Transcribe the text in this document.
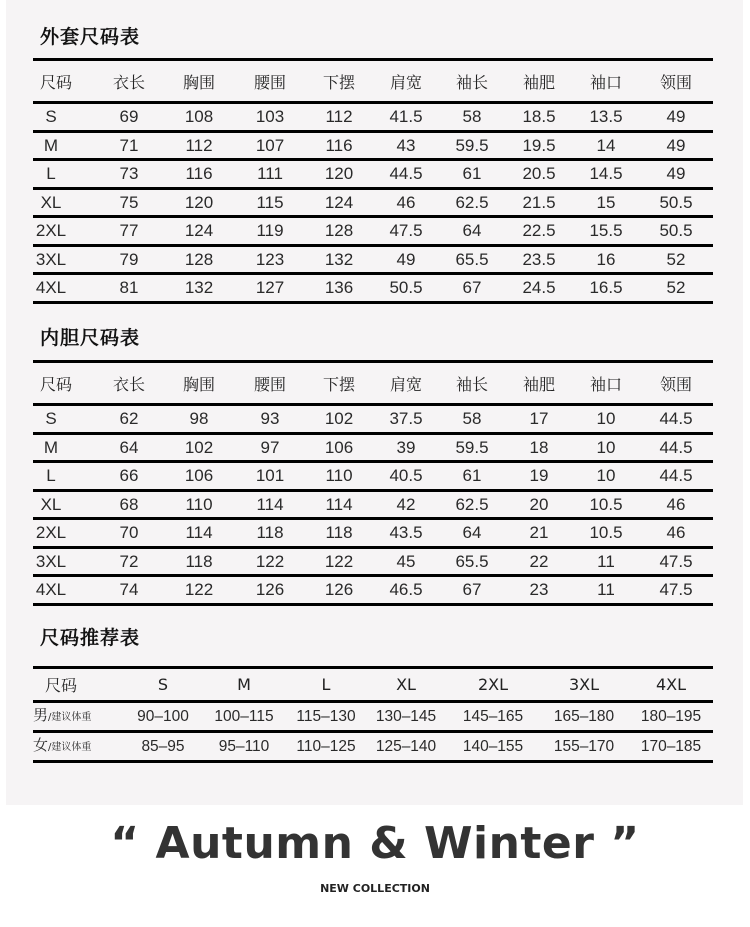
外套尺码表
尺码	衣长	胸围	腰围	下摆	肩宽	袖长	袖肥	袖口	领围
S	69	108	103	112	41.5	58	18.5	13.5	49
M	71	112	107	116	43	59.5	19.5	14	49
L	73	116	111	120	44.5	61	20.5	14.5	49
XL	75	120	115	124	46	62.5	21.5	15	50.5
2XL	77	124	119	128	47.5	64	22.5	15.5	50.5
3XL	79	128	123	132	49	65.5	23.5	16	52
4XL	81	132	127	136	50.5	67	24.5	16.5	52
内胆尺码表
尺码	衣长	胸围	腰围	下摆	肩宽	袖长	袖肥	袖口	领围
S	62	98	93	102	37.5	58	17	10	44.5
M	64	102	97	106	39	59.5	18	10	44.5
L	66	106	101	110	40.5	61	19	10	44.5
XL	68	110	114	114	42	62.5	20	10.5	46
2XL	70	114	118	118	43.5	64	21	10.5	46
3XL	72	118	122	122	45	65.5	22	11	47.5
4XL	74	122	126	126	46.5	67	23	11	47.5
尺码推荐表
尺码	S	M	L	XL	2XL	3XL	4XL
男/建议体重	90–100	100–115	115–130	130–145	145–165	165–180	180–195
女/建议体重	85–95	95–110	110–125	125–140	140–155	155–170	170–185
“ Autumn & Winter ”
NEW COLLECTION
